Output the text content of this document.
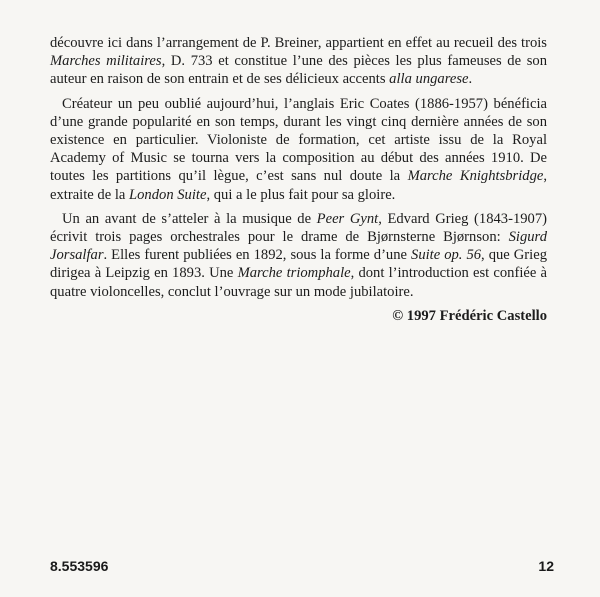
découvre ici dans l’arrangement de P. Breiner, appartient en effet au recueil des trois Marches militaires, D. 733 et constitue l’une des pièces les plus fameuses de son auteur en raison de son entrain et de ses délicieux accents alla ungarese.

Créateur un peu oublié aujourd’hui, l’anglais Eric Coates (1886-1957) bénéficia d’une grande popularité en son temps, durant les vingt cinq dernière années de son existence en particulier. Violoniste de formation, cet artiste issu de la Royal Academy of Music se tourna vers la composition au début des années 1910. De toutes les partitions qu’il lègue, c’est sans nul doute la Marche Knightsbridge, extraite de la London Suite, qui a le plus fait pour sa gloire.

Un an avant de s’atteler à la musique de Peer Gynt, Edvard Grieg (1843-1907) écrivit trois pages orchestrales pour le drame de Bjørnsterne Bjørnson: Sigurd Jorsalfar. Elles furent publiées en 1892, sous la forme d’une Suite op. 56, que Grieg dirigea à Leipzig en 1893. Une Marche triomphale, dont l’introduction est confiée à quatre violoncelles, conclut l’ouvrage sur un mode jubilatoire.

© 1997 Frédéric Castello

8.553596	12
